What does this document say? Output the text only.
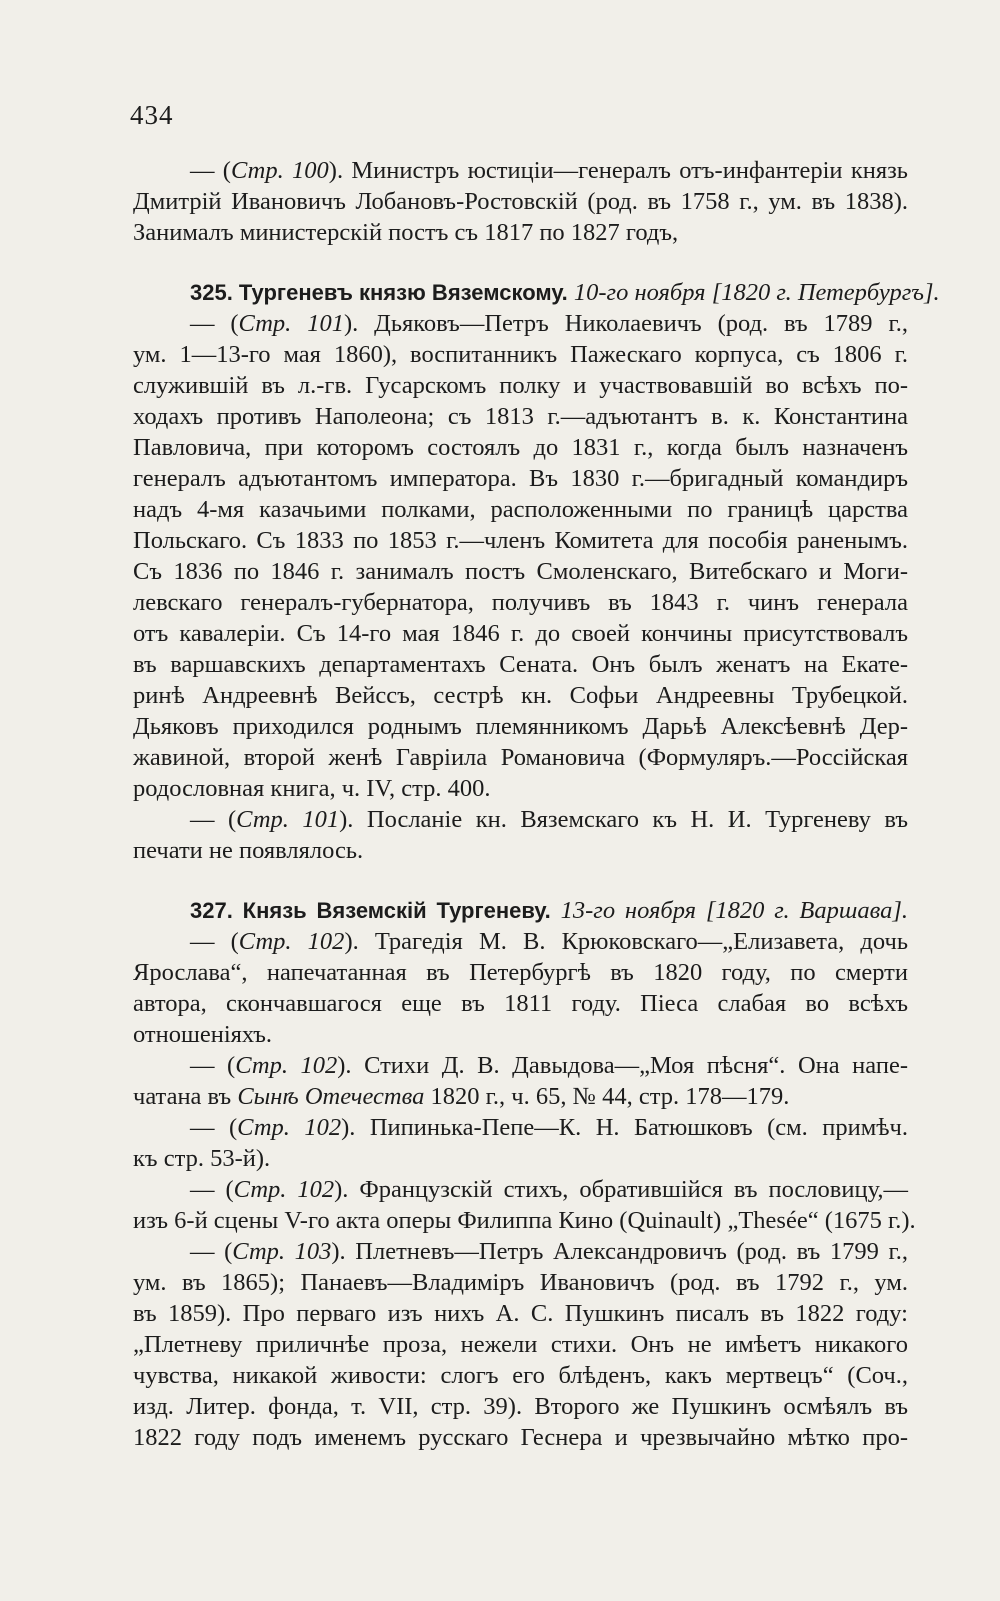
434
— (Стр. 100). Министръ юстиціи—генералъ отъ-инфантеріи князь
Дмитрій Ивановичъ Лобановъ-Ростовскій (род. въ 1758 г., ум. въ 1838).
Занималъ министерскій постъ съ 1817 по 1827 годъ,
325. Тургеневъ князю Вяземскому. 10-го ноября [1820 г. Петербургъ].
— (Стр. 101). Дьяковъ—Петръ Николаевичъ (род. въ 1789 г.,
ум. 1—13-го мая 1860), воспитанникъ Пажескаго корпуса, съ 1806 г.
служившій въ л.-гв. Гусарскомъ полку и участвовавшій во всѣхъ по-
ходахъ противъ Наполеона; съ 1813 г.—адъютантъ в. к. Константина
Павловича, при которомъ состоялъ до 1831 г., когда былъ назначенъ
генералъ адъютантомъ императора. Въ 1830 г.—бригадный командиръ
надъ 4-мя казачьими полками, расположенными по границѣ царства
Польскаго. Съ 1833 по 1853 г.—членъ Комитета для пособія раненымъ.
Съ 1836 по 1846 г. занималъ постъ Смоленскаго, Витебскаго и Моги-
левскаго генералъ-губернатора, получивъ въ 1843 г. чинъ генерала
отъ кавалеріи. Съ 14-го мая 1846 г. до своей кончины присутствовалъ
въ варшавскихъ департаментахъ Сената. Онъ былъ женатъ на Екате-
ринѣ Андреевнѣ Вейссъ, сестрѣ кн. Софьи Андреевны Трубецкой.
Дьяковъ приходился роднымъ племянникомъ Дарьѣ Алексѣевнѣ Дер-
жавиной, второй женѣ Гавріила Романовича (Формуляръ.—Россійская
родословная книга, ч. IV, стр. 400.
— (Стр. 101). Посланіе кн. Вяземскаго къ Н. И. Тургеневу въ
печати не появлялось.
327. Князь Вяземскій Тургеневу. 13-го ноября [1820 г. Варшава].
— (Стр. 102). Трагедія М. В. Крюковскаго—„Елизавета, дочь
Ярослава“, напечатанная въ Петербургѣ въ 1820 году, по смерти
автора, скончавшагося еще въ 1811 году. Піеса слабая во всѣхъ
отношеніяхъ.
— (Стр. 102). Стихи Д. В. Давыдова—„Моя пѣсня“. Она напе-
чатана въ Сынѣ Отечества 1820 г., ч. 65, № 44, стр. 178—179.
— (Стр. 102). Пипинька-Пепе—К. Н. Батюшковъ (см. примѣч.
къ стр. 53-й).
— (Стр. 102). Французскій стихъ, обратившійся въ пословицу,—
изъ 6-й сцены V-го акта оперы Филиппа Кино (Quinault) „Thesée“ (1675 г.).
— (Стр. 103). Плетневъ—Петръ Александровичъ (род. въ 1799 г.,
ум. въ 1865); Панаевъ—Владиміръ Ивановичъ (род. въ 1792 г., ум.
въ 1859). Про перваго изъ нихъ А. С. Пушкинъ писалъ въ 1822 году:
„Плетневу приличнѣе проза, нежели стихи. Онъ не имѣетъ никакого
чувства, никакой живости: слогъ его блѣденъ, какъ мертвецъ“ (Соч.,
изд. Литер. фонда, т. VII, стр. 39). Второго же Пушкинъ осмѣялъ въ
1822 году подъ именемъ русскаго Геснера и чрезвычайно мѣтко про-
